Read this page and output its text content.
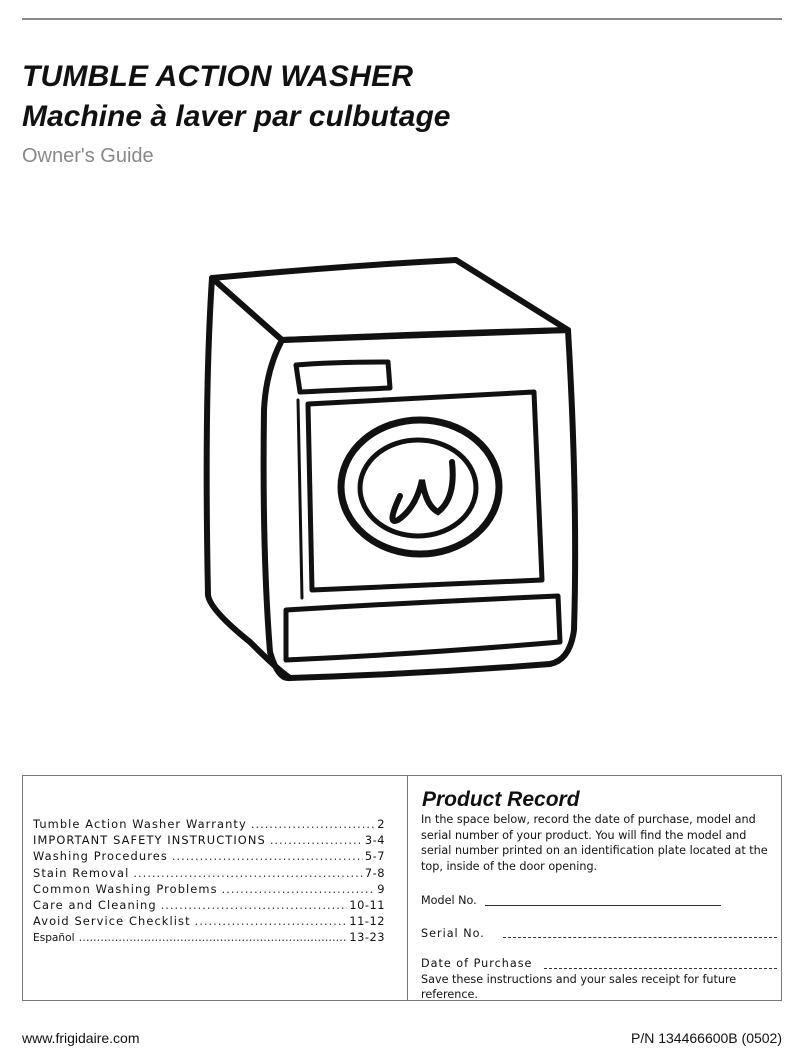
TUMBLE ACTION WASHER
Machine à laver par culbutage
Owner's Guide
Tumble Action Washer Warranty .....	2
IMPORTANT SAFETY INSTRUCTIONS .....	3-4
Washing Procedures .....	5-7
Stain Removal .....	7-8
Common Washing Problems .....	9
Care and Cleaning .....	10-11
Avoid Service Checklist .....	11-12
Español .....	13-23
Product Record

In the space below, record the date of purchase, model and serial number of your product. You will find the model and serial number printed on an identification plate located at the top, inside of the door opening.

Model No.
Serial No.
Date of Purchase

Save these instructions and your sales receipt for future reference.

www.frigidaire.com	P/N 134466600B (0502)
